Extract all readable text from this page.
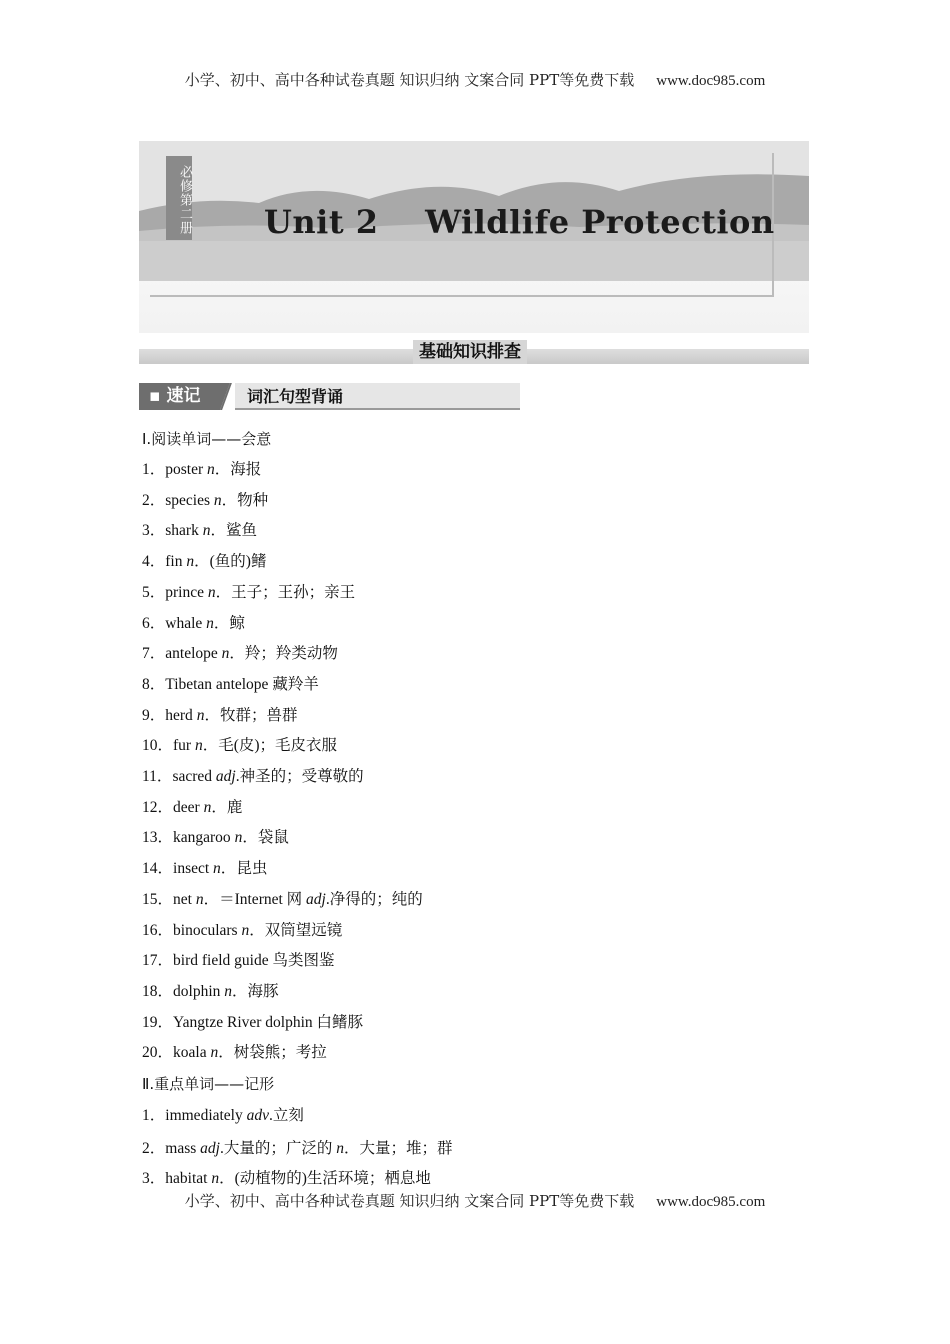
小学、初中、高中各种试卷真题 知识归纳 文案合同 PPT等免费下载 www.doc985.com
必修第二册 Unit 2    Wildlife Protection
基础知识排查
▪ 速记	词汇句型背诵
Ⅰ.阅读单词——会意
1．poster n．海报
2．species n．物种
3．shark n．鲨鱼
4．fin n．(鱼的)鳍
5．prince n．王子；王孙；亲王
6．whale n．鲸
7．antelope n．羚；羚类动物
8．Tibetan antelope 藏羚羊
9．herd n．牧群；兽群
10．fur n．毛(皮)；毛皮衣服
11．sacred adj.神圣的；受尊敬的
12．deer n．鹿
13．kangaroo n．袋鼠
14．insect n．昆虫
15．net n．＝Internet 网 adj.净得的；纯的
16．binoculars n．双筒望远镜
17．bird field guide 鸟类图鉴
18．dolphin n．海豚
19．Yangtze River dolphin 白鳍豚
20．koala n．树袋熊；考拉
Ⅱ.重点单词——记形
1．immediately adv.立刻
2．mass adj.大量的；广泛的 n．大量；堆；群
3．habitat n．(动植物的)生活环境；栖息地
小学、初中、高中各种试卷真题 知识归纳 文案合同 PPT等免费下载 www.doc985.com
